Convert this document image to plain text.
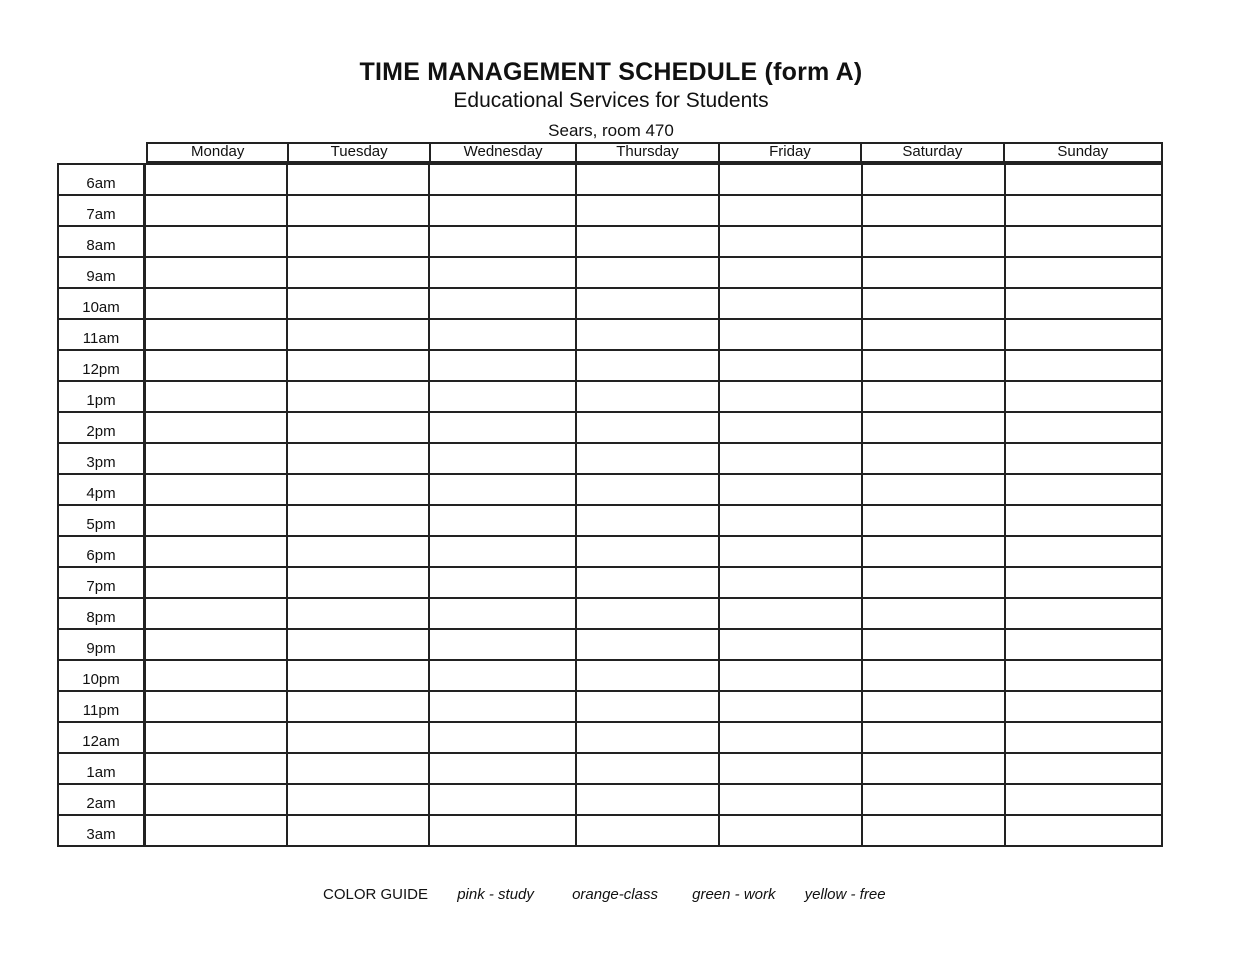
TIME MANAGEMENT SCHEDULE (form A)
Educational Services for Students
Sears, room 470
Monday	Tuesday	Wednesday	Thursday	Friday	Saturday	Sunday
6am
7am
8am
9am
10am
11am
12pm
1pm
2pm
3pm
4pm
5pm
6pm
7pm
8pm
9pm
10pm
11pm
12am
1am
2am
3am
COLOR GUIDE pink - study	orange-class green - work yellow - free
